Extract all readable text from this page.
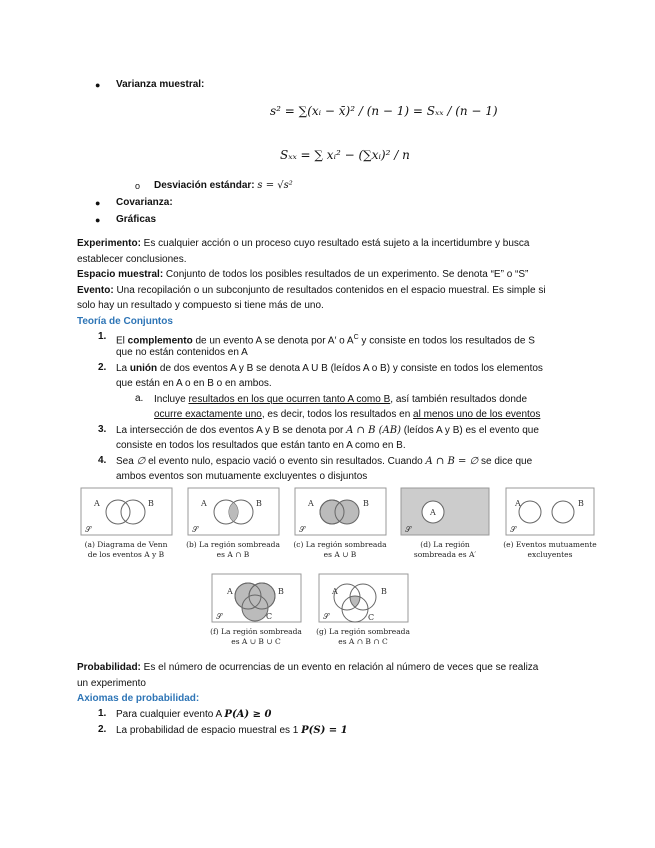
● Varianza muestral:
s² = ∑(xᵢ − x̄)² / (n − 1) = Sₓₓ / (n − 1)
Sₓₓ = ∑ xᵢ² − (∑xᵢ)² / n
o Desviación estándar: s = √s²
● Covarianza:
● Gráficas
Experimento: Es cualquier acción o un proceso cuyo resultado está sujeto a la incertidumbre y busca
establecer conclusiones.
Espacio muestral: Conjunto de todos los posibles resultados de un experimento. Se denota “E” o “S”
Evento: Una recopilación o un subconjunto de resultados contenidos en el espacio muestral. Es simple si
solo hay un resultado y compuesto si tiene más de uno.
Teoría de Conjuntos
1. El complemento de un evento A se denota por A′ o $A^C$ y consiste en todos los resultados de S
que no están contenidos en A
2. La unión de dos eventos A y B se denota A U B (leídos A o B) y consiste en todos los elementos
que están en A o en B o en ambos.
a. Incluye resultados en los que ocurren tanto A como B, así también resultados donde
ocurre exactamente uno, es decir, todos los resultados en al menos uno de los eventos
3. La intersección de dos eventos A y B se denota por A ∩ B (AB) (leídos A y B) es el evento que
consiste en todos los resultados que están tanto en A como en B.
4. Sea ∅ el evento nulo, espacio vació o evento sin resultados. Cuando A ∩ B = ∅ se dice que
ambos eventos son mutuamente excluyentes o disjuntos
A	B
𝒮
A	B
𝒮
A	B
𝒮
A
𝒮
A	B
𝒮
A	B
C
𝒮
A	B
C
𝒮
(a) Diagrama de Venn
de los eventos A y B
(b) La región sombreada
es A ∩ B
(c) La región sombreada
es A ∪ B
(d) La región
sombreada es A′
(e) Eventos mutuamente
excluyentes
(f) La región sombreada
es A ∪ B ∪ C
(g) La región sombreada
es A ∩ B ∩ C
Probabilidad: Es el número de ocurrencias de un evento en relación al número de veces que se realiza
un experimento
Axiomas de probabilidad:
1. Para cualquier evento A P(A) ≥ 0
2. La probabilidad de espacio muestral es 1 P(S) = 1
